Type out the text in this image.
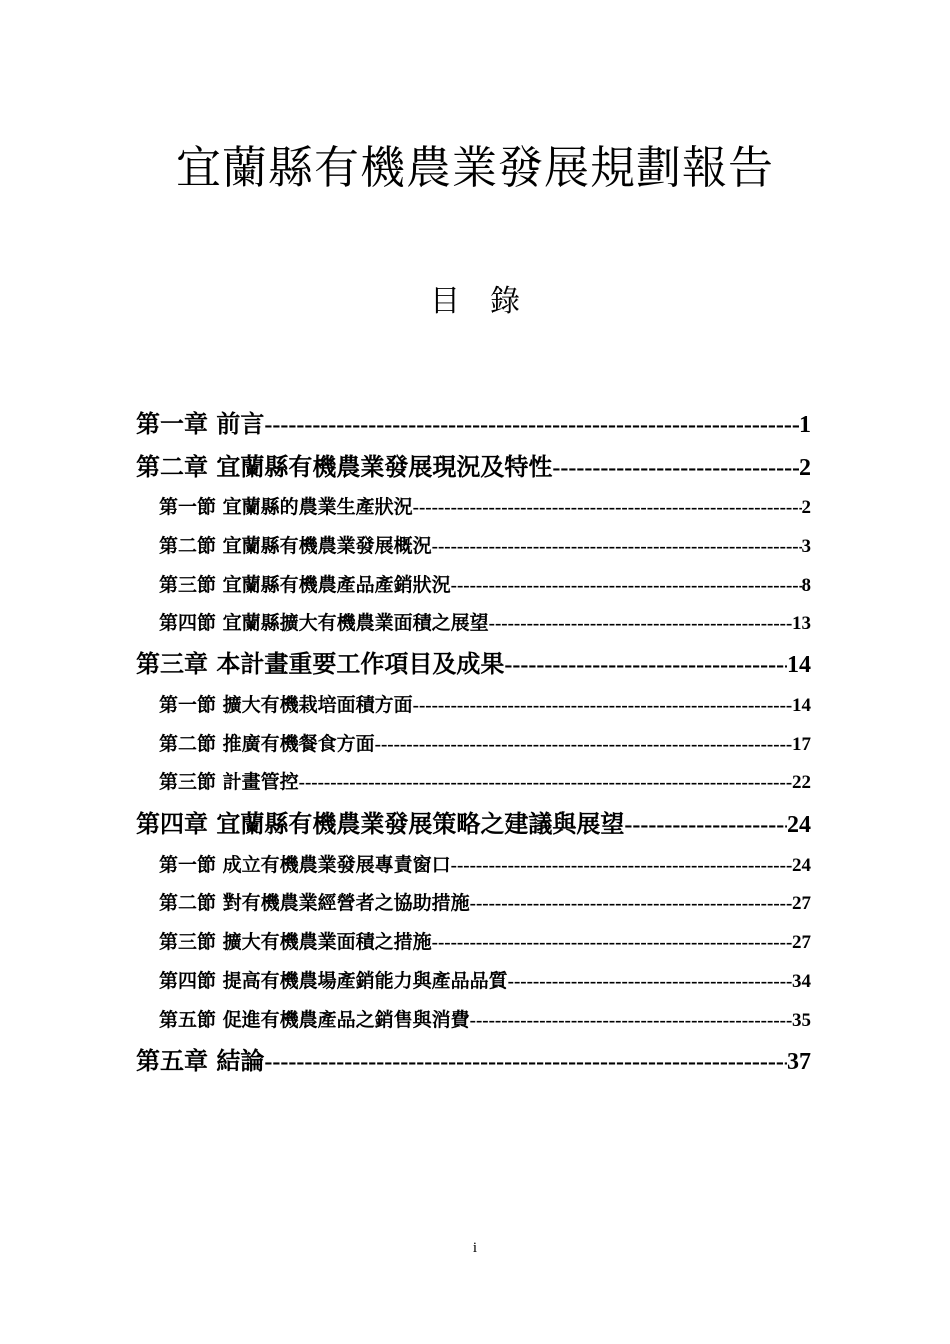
宜蘭縣有機農業發展規劃報告
目　錄
第一章 前言 -----	1
第二章 宜蘭縣有機農業發展現況及特性 -----	2
第一節 宜蘭縣的農業生產狀況 -----	2
第二節 宜蘭縣有機農業發展概況 -----	3
第三節 宜蘭縣有機農產品產銷狀況 -----	8
第四節 宜蘭縣擴大有機農業面積之展望 -----	13
第三章 本計畫重要工作項目及成果 -----	14
第一節 擴大有機栽培面積方面 -----	14
第二節 推廣有機餐食方面 -----	17
第三節 計畫管控 -----	22
第四章 宜蘭縣有機農業發展策略之建議與展望 -----	24
第一節 成立有機農業發展專責窗口 -----	24
第二節 對有機農業經營者之協助措施 -----	27
第三節 擴大有機農業面積之措施 -----	27
第四節 提高有機農場產銷能力與產品品質 -----	34
第五節 促進有機農產品之銷售與消費 -----	35
第五章 結論 -----	37
i
